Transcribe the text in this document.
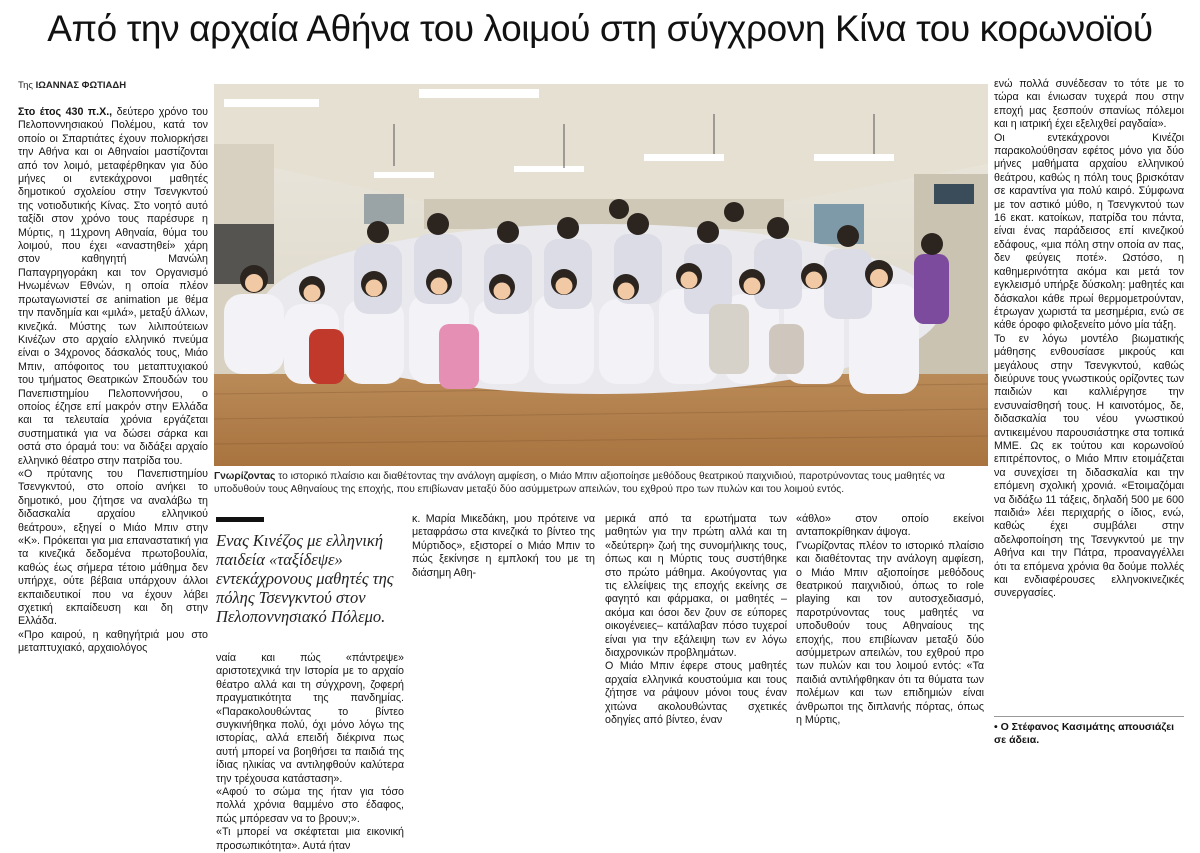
Από την αρχαία Αθήνα του λοιμού στη σύγχρονη Κίνα του κορωνοϊού
Της ΙΩΑΝΝΑΣ ΦΩΤΙΑΔΗ
Στο έτος 430 π.Χ., δεύτερο χρόνο του Πελοποννησιακού Πολέμου, κατά τον οποίο οι Σπαρτιάτες έχουν πολιορκήσει την Αθήνα και οι Αθηναίοι μαστίζονται από τον λοιμό, μεταφέρθηκαν για δύο μήνες οι εντεκάχρονοι μαθητές δημοτικού σχολείου στην Τσενγκντού της νοτιοδυτικής Κίνας. Στο νοητό αυτό ταξίδι στον χρόνο τους παρέσυρε η Μύρτις, η 11χρονη Αθηναία, θύμα του λοιμού, που έχει «αναστηθεί» χάρη στον καθηγητή Μανώλη Παπαγρηγοράκη και τον Οργανισμό Ηνωμένων Εθνών, η οποία πλέον πρωταγωνιστεί σε animation με θέμα την πανδημία και «μιλά», μεταξύ άλλων, κινεζικά. Μύστης των λιλιπούτειων Κινέζων στο αρχαίο ελληνικό πνεύμα είναι ο 34χρονος δάσκαλός τους, Μιάο Μπιν, απόφοιτος του μεταπτυχιακού του τμήματος Θεατρικών Σπουδών του Πανεπιστημίου Πελοποννήσου, ο οποίος έζησε επί μακρόν στην Ελλάδα και τα τελευταία χρόνια εργάζεται συστηματικά για να δώσει σάρκα και οστά στο όραμά του: να διδάξει αρχαίο ελληνικό θέατρο στην πατρίδα του.
«Ο πρύτανης του Πανεπιστημίου Τσενγκντού, στο οποίο ανήκει το δημοτικό, μου ζήτησε να αναλάβω τη διδασκαλία αρχαίου ελληνικού θεάτρου», εξηγεί ο Μιάο Μπιν στην «Κ». Πρόκειται για μια επαναστατική για τα κινεζικά δεδομένα πρωτοβουλία, καθώς έως σήμερα τέτοιο μάθημα δεν υπήρχε, ούτε βέβαια υπάρχουν άλλοι εκπαιδευτικοί που να έχουν λάβει σχετική εκπαίδευση και δη στην Ελλάδα.
«Προ καιρού, η καθηγήτριά μου στο μεταπτυχιακό, αρχαιολόγος
Γνωρίζοντας το ιστορικό πλαίσιο και διαθέτοντας την ανάλογη αμφίεση, ο Μιάο Μπιν αξιοποίησε μεθόδους θεατρικού παιχνιδιού, παροτρύνοντας τους μαθητές να υποδυθούν τους Αθηναίους της εποχής, που επιβίωναν μεταξύ δύο ασύμμετρων απειλών, του εχθρού προ των πυλών και του λοιμού εντός.
Ενας Κινέζος με ελληνική παιδεία «ταξίδεψε» εντεκάχρονους μαθητές της πόλης Τσενγκντού στον Πελοποννησιακό Πόλεμο.
κ. Μαρία Μικεδάκη, μου πρότεινε να μεταφράσω στα κινεζικά το βίντεο της Μύρτιδος», εξιστορεί ο Μιάο Μπιν το πώς ξεκίνησε η εμπλοκή του με τη διάσημη Αθη-
ναία και πώς «πάντρεψε» αριστοτεχνικά την Ιστορία με το αρχαίο θέατρο αλλά και τη σύγχρονη, ζοφερή πραγματικότητα της πανδημίας. «Παρακολουθώντας το βίντεο συγκινήθηκα πολύ, όχι μόνο λόγω της ιστορίας, αλλά επειδή διέκρινα πως αυτή μπορεί να βοηθήσει τα παιδιά της ίδιας ηλικίας να αντιληφθούν καλύτερα την τρέχουσα κατάσταση».
«Αφού το σώμα της ήταν για τόσο πολλά χρόνια θαμμένο στο έδαφος, πώς μπόρεσαν να το βρουν;».
«Τι μπορεί να σκέφτεται μια εικονική προσωπικότητα». Αυτά ήταν
μερικά από τα ερωτήματα των μαθητών για την πρώτη αλλά και τη «δεύτερη» ζωή της συνομήλικης τους, όπως και η Μύρτις τους συστήθηκε στο πρώτο μάθημα. Ακούγοντας για τις ελλείψεις της εποχής εκείνης σε φαγητό και φάρμακα, οι μαθητές –ακόμα και όσοι δεν ζουν σε εύπορες οικογένειες– κατάλαβαν πόσο τυχεροί είναι για την εξάλειψη των εν λόγω διαχρονικών προβλημάτων.
Ο Μιάο Μπιν έφερε στους μαθητές αρχαία ελληνικά κουστούμια και τους ζήτησε να ράψουν μόνοι τους έναν χιτώνα ακολουθώντας σχετικές οδηγίες από βίντεο, έναν
«άθλο» στον οποίο εκείνοι ανταποκρίθηκαν άψογα.
Γνωρίζοντας πλέον το ιστορικό πλαίσιο και διαθέτοντας την ανάλογη αμφίεση, ο Μιάο Μπιν αξιοποίησε μεθόδους θεατρικού παιχνιδιού, όπως το role playing και τον αυτοσχεδιασμό, παροτρύνοντας τους μαθητές να υποδυθούν τους Αθηναίους της εποχής, που επιβίωναν μεταξύ δύο ασύμμετρων απειλών, του εχθρού προ των πυλών και του λοιμού εντός: «Τα παιδιά αντιλήφθηκαν ότι τα θύματα των πολέμων και των επιδημιών είναι άνθρωποι της διπλανής πόρτας, όπως η Μύρτις,
ενώ πολλά συνέδεσαν το τότε με το τώρα και ένιωσαν τυχερά που στην εποχή μας ξεσπούν σπανίως πόλεμοι και η ιατρική έχει εξελιχθεί ραγδαία».
Οι εντεκάχρονοι Κινέζοι παρακολούθησαν εφέτος μόνο για δύο μήνες μαθήματα αρχαίου ελληνικού θεάτρου, καθώς η πόλη τους βρισκόταν σε καραντίνα για πολύ καιρό. Σύμφωνα με τον αστικό μύθο, η Τσενγκντού των 16 εκατ. κατοίκων, πατρίδα του πάντα, είναι ένας παράδεισος επί κινεζικού εδάφους, «μια πόλη στην οποία αν πας, δεν φεύγεις ποτέ». Ωστόσο, η καθημερινότητα ακόμα και μετά τον εγκλεισμό υπήρξε δύσκολη: μαθητές και δάσκαλοι κάθε πρωί θερμομετρούνταν, έτρωγαν χωριστά τα μεσημέρια, ενώ σε κάθε όροφο φιλοξενείτο μόνο μία τάξη.
Το εν λόγω μοντέλο βιωματικής μάθησης ενθουσίασε μικρούς και μεγάλους στην Τσενγκντού, καθώς διεύρυνε τους γνωστικούς ορίζοντες των παιδιών και καλλιέργησε την ενσυναίσθησή τους. Η καινοτόμος, δε, διδασκαλία του νέου γνωστικού αντικειμένου παρουσιάστηκε στα τοπικά ΜΜΕ. Ως εκ τούτου και κορωνοϊού επιτρέποντος, ο Μιάο Μπιν ετοιμάζεται να συνεχίσει τη διδασκαλία και την επόμενη σχολική χρονιά. «Ετοιμαζόμαι να διδάξω 11 τάξεις, δηλαδή 500 με 600 παιδιά» λέει περιχαρής ο ίδιος, ενώ, καθώς έχει συμβάλει στην αδελφοποίηση της Τσενγκντού με την Αθήνα και την Πάτρα, προαναγγέλλει ότι τα επόμενα χρόνια θα δούμε πολλές και ενδιαφέρουσες ελληνοκινεζικές συνεργασίες.
• Ο Στέφανος Κασιμάτης απουσιάζει σε άδεια.
